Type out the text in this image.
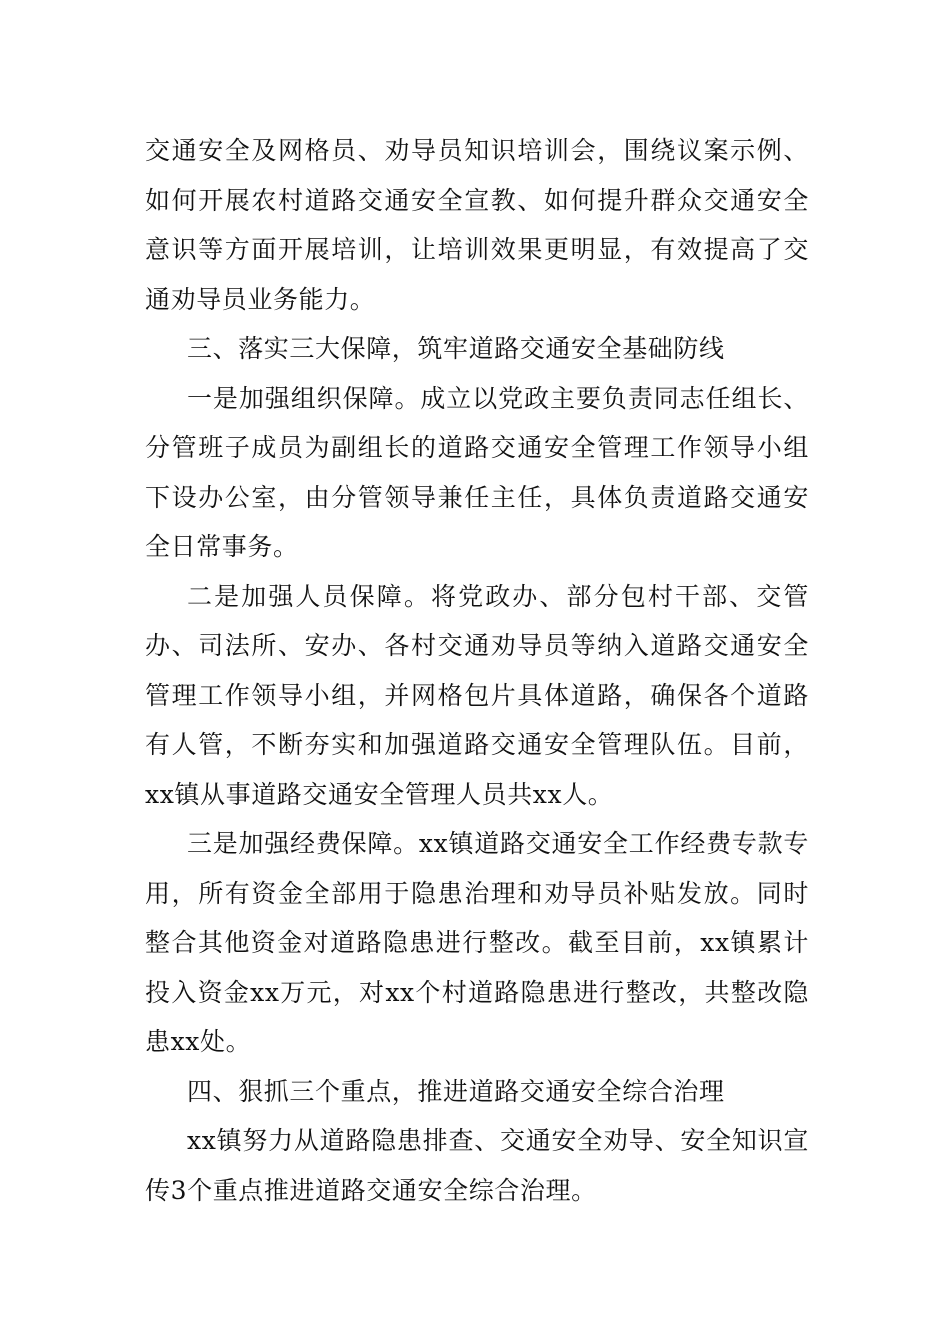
交通安全及网格员、劝导员知识培训会，围绕议案示例、如何开展农村道路交通安全宣教、如何提升群众交通安全意识等方面开展培训，让培训效果更明显，有效提高了交通劝导员业务能力。

三、落实三大保障，筑牢道路交通安全基础防线

一是加强组织保障。成立以党政主要负责同志任组长、分管班子成员为副组长的道路交通安全管理工作领导小组下设办公室，由分管领导兼任主任，具体负责道路交通安全日常事务。

二是加强人员保障。将党政办、部分包村干部、交管办、司法所、安办、各村交通劝导员等纳入道路交通安全管理工作领导小组，并网格包片具体道路，确保各个道路有人管，不断夯实和加强道路交通安全管理队伍。目前，xx镇从事道路交通安全管理人员共xx人。

三是加强经费保障。xx镇道路交通安全工作经费专款专用，所有资金全部用于隐患治理和劝导员补贴发放。同时整合其他资金对道路隐患进行整改。截至目前，xx镇累计投入资金xx万元，对xx个村道路隐患进行整改，共整改隐患xx处。

四、狠抓三个重点，推进道路交通安全综合治理

xx镇努力从道路隐患排查、交通安全劝导、安全知识宣传3个重点推进道路交通安全综合治理。
